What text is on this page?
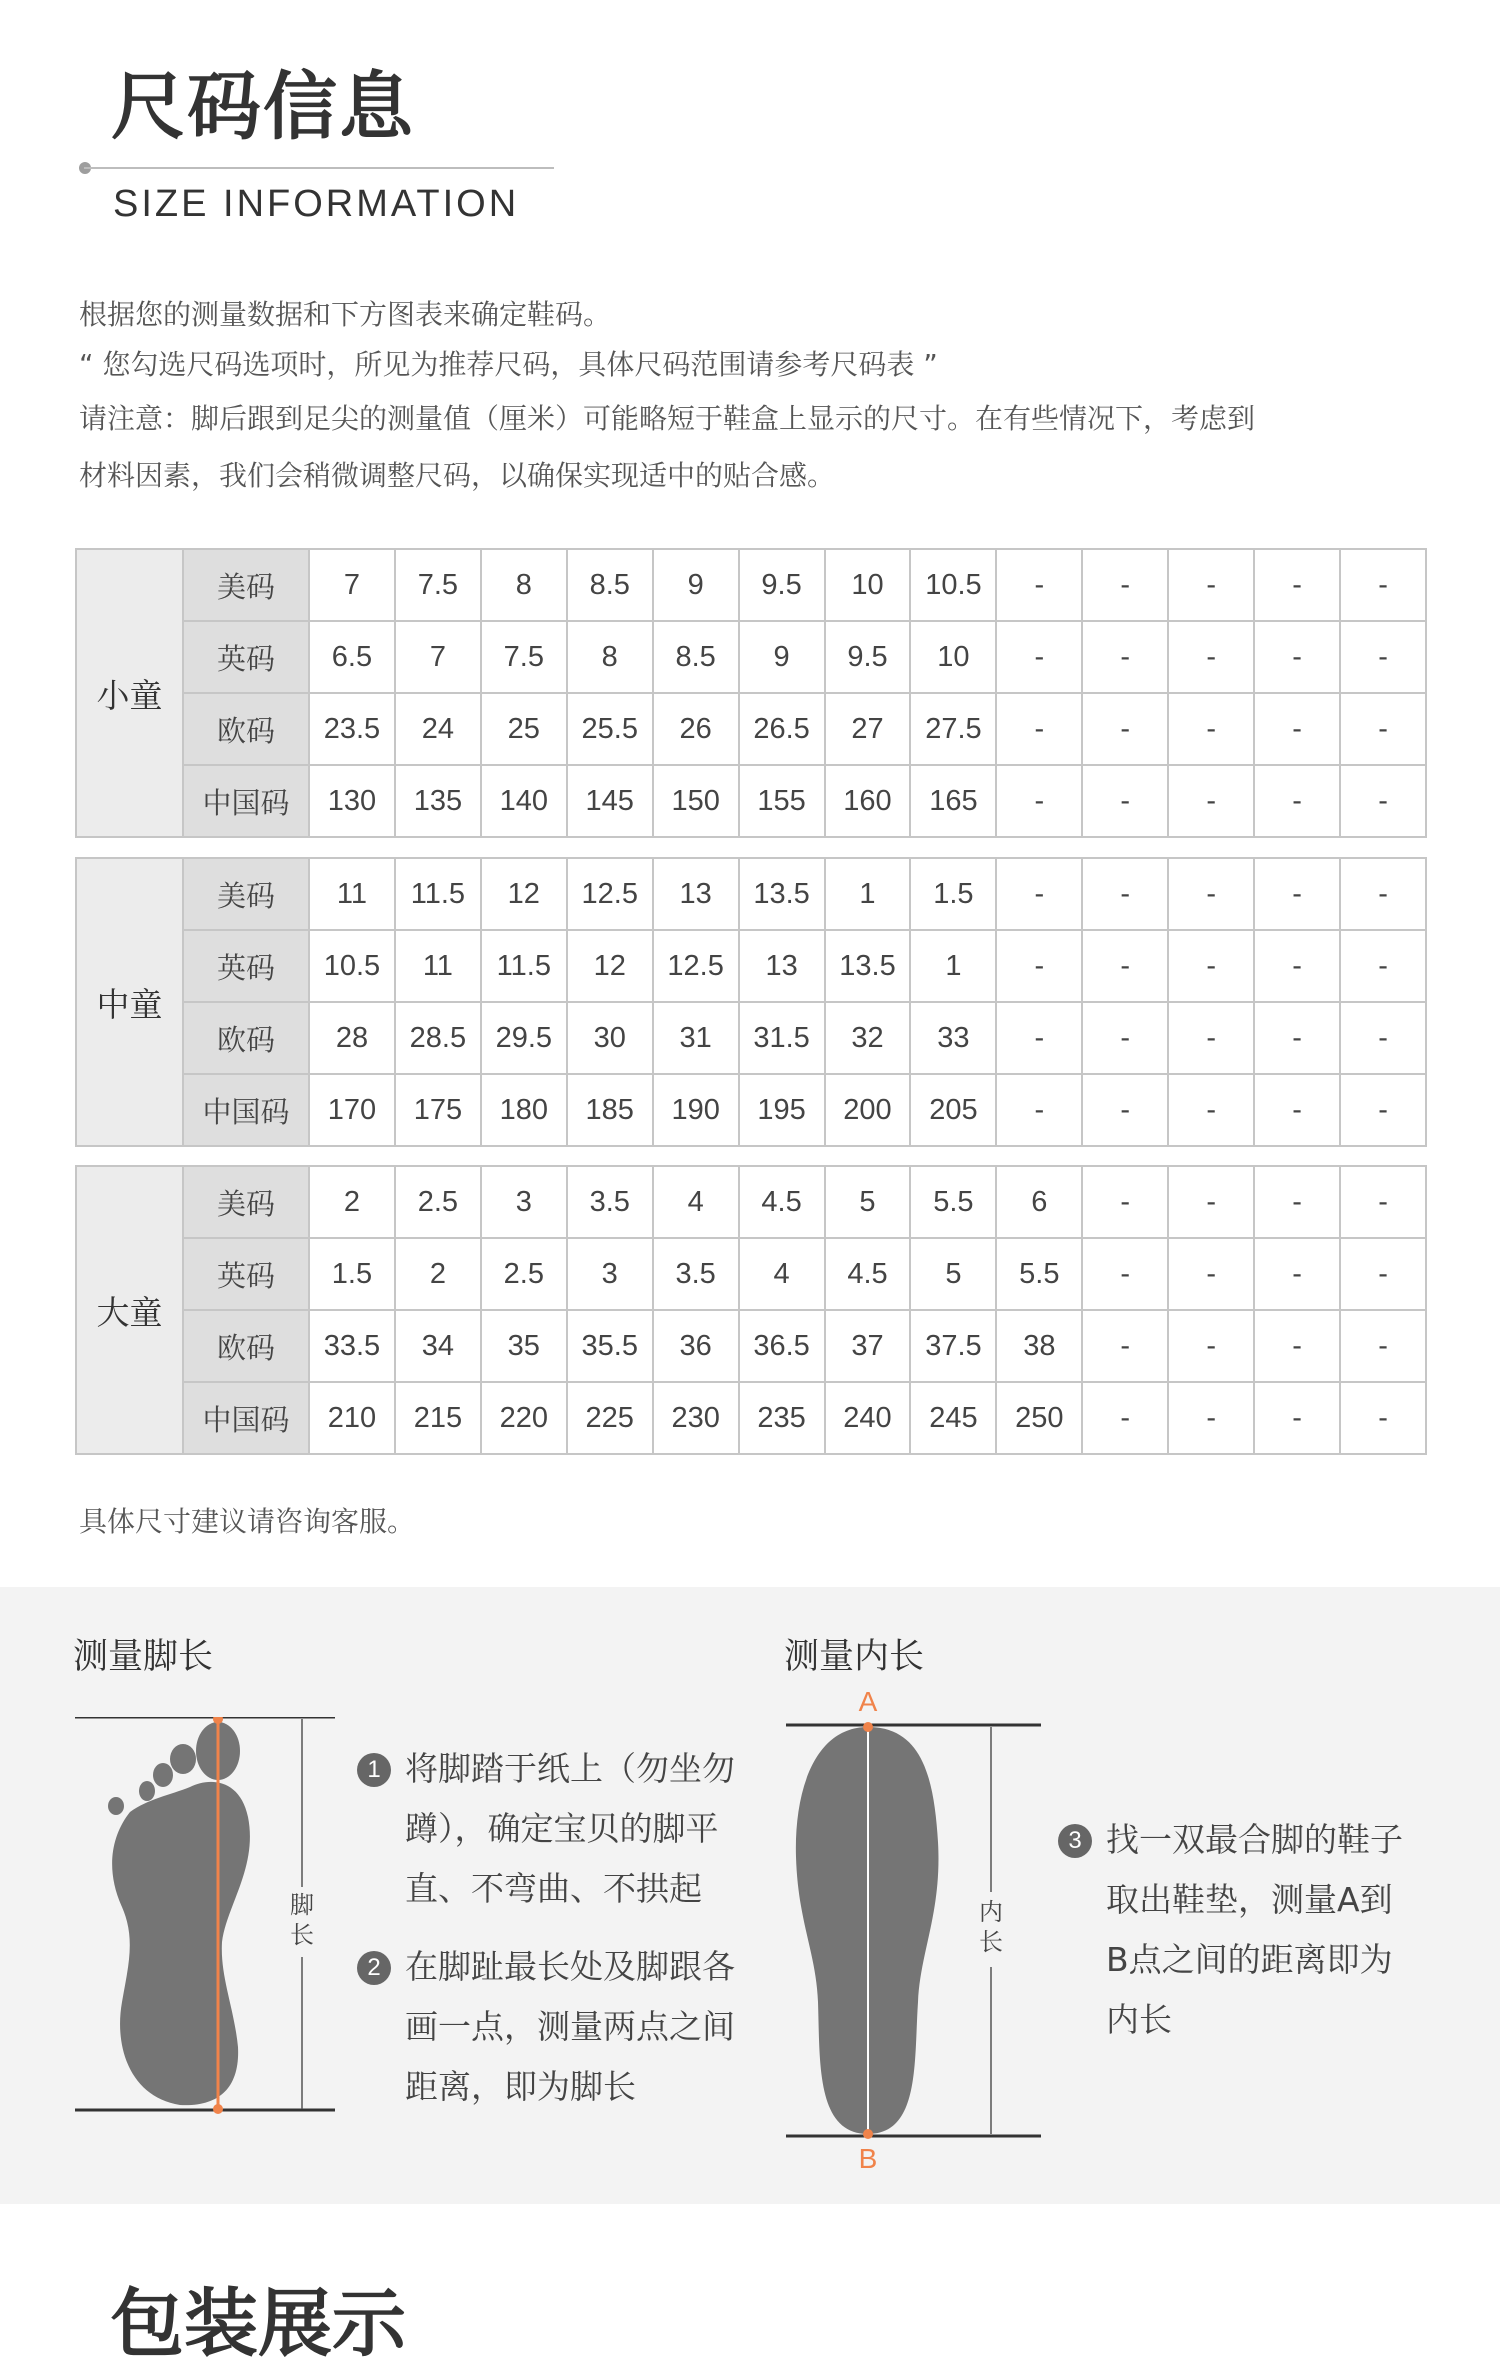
尺码信息
SIZE INFORMATION
根据您的测量数据和下方图表来确定鞋码。
“ 您勾选尺码选项时，所见为推荐尺码，具体尺码范围请参考尺码表 ”
请注意：脚后跟到足尖的测量值（厘米）可能略短于鞋盒上显示的尺寸。在有些情况下，考虑到
材料因素，我们会稍微调整尺码，以确保实现适中的贴合感。
小童	美码	7	7.5	8	8.5	9	9.5	10	10.5	-	-	-	-	-
	英码	6.5	7	7.5	8	8.5	9	9.5	10	-	-	-	-	-
	欧码	23.5	24	25	25.5	26	26.5	27	27.5	-	-	-	-	-
	中国码	130	135	140	145	150	155	160	165	-	-	-	-	-
中童	美码	11	11.5	12	12.5	13	13.5	1	1.5	-	-	-	-	-
	英码	10.5	11	11.5	12	12.5	13	13.5	1	-	-	-	-	-
	欧码	28	28.5	29.5	30	31	31.5	32	33	-	-	-	-	-
	中国码	170	175	180	185	190	195	200	205	-	-	-	-	-
大童	美码	2	2.5	3	3.5	4	4.5	5	5.5	6	-	-	-	-
	英码	1.5	2	2.5	3	3.5	4	4.5	5	5.5	-	-	-	-
	欧码	33.5	34	35	35.5	36	36.5	37	37.5	38	-	-	-	-
	中国码	210	215	220	225	230	235	240	245	250	-	-	-	-
具体尺寸建议请咨询客服。
测量脚长	测量内长
脚
长
1 将脚踏于纸上（勿坐勿
蹲），确定宝贝的脚平
直、不弯曲、不拱起
2 在脚趾最长处及脚跟各
画一点，测量两点之间
距离，即为脚长
A
B
内
长
3 找一双最合脚的鞋子
取出鞋垫，测量A到
B点之间的距离即为
内长
包装展示
